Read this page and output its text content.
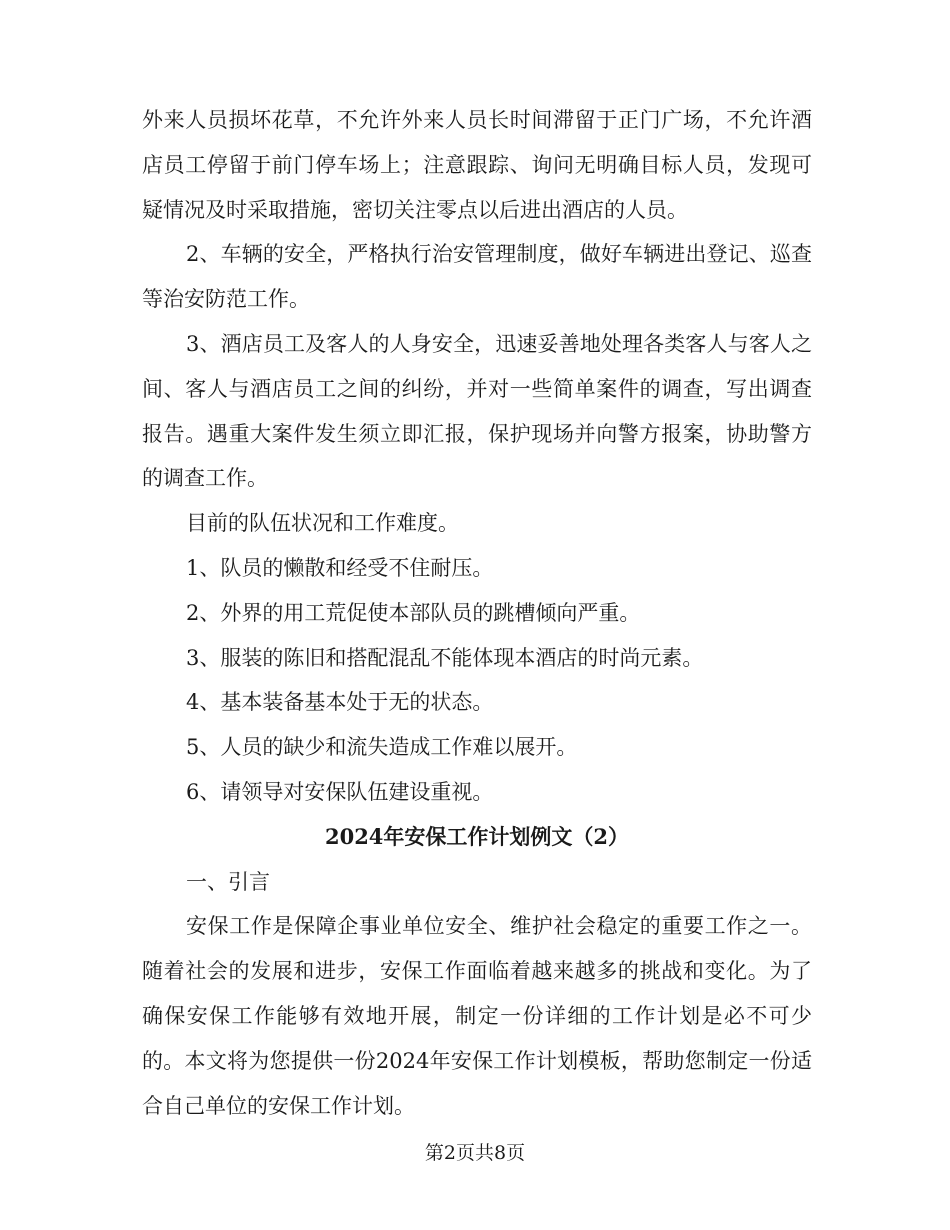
外来人员损坏花草，不允许外来人员长时间滞留于正门广场，不允许酒店员工停留于前门停车场上；注意跟踪、询问无明确目标人员，发现可疑情况及时采取措施，密切关注零点以后进出酒店的人员。

2、车辆的安全，严格执行治安管理制度，做好车辆进出登记、巡查等治安防范工作。

3、酒店员工及客人的人身安全，迅速妥善地处理各类客人与客人之间、客人与酒店员工之间的纠纷，并对一些简单案件的调查，写出调查报告。遇重大案件发生须立即汇报，保护现场并向警方报案，协助警方的调查工作。

目前的队伍状况和工作难度。

1、队员的懒散和经受不住耐压。

2、外界的用工荒促使本部队员的跳槽倾向严重。

3、服装的陈旧和搭配混乱不能体现本酒店的时尚元素。

4、基本装备基本处于无的状态。

5、人员的缺少和流失造成工作难以展开。

6、请领导对安保队伍建设重视。

2024年安保工作计划例文（2）

一、引言

安保工作是保障企事业单位安全、维护社会稳定的重要工作之一。随着社会的发展和进步，安保工作面临着越来越多的挑战和变化。为了确保安保工作能够有效地开展，制定一份详细的工作计划是必不可少的。本文将为您提供一份2024年安保工作计划模板，帮助您制定一份适合自己单位的安保工作计划。

第2页共8页
